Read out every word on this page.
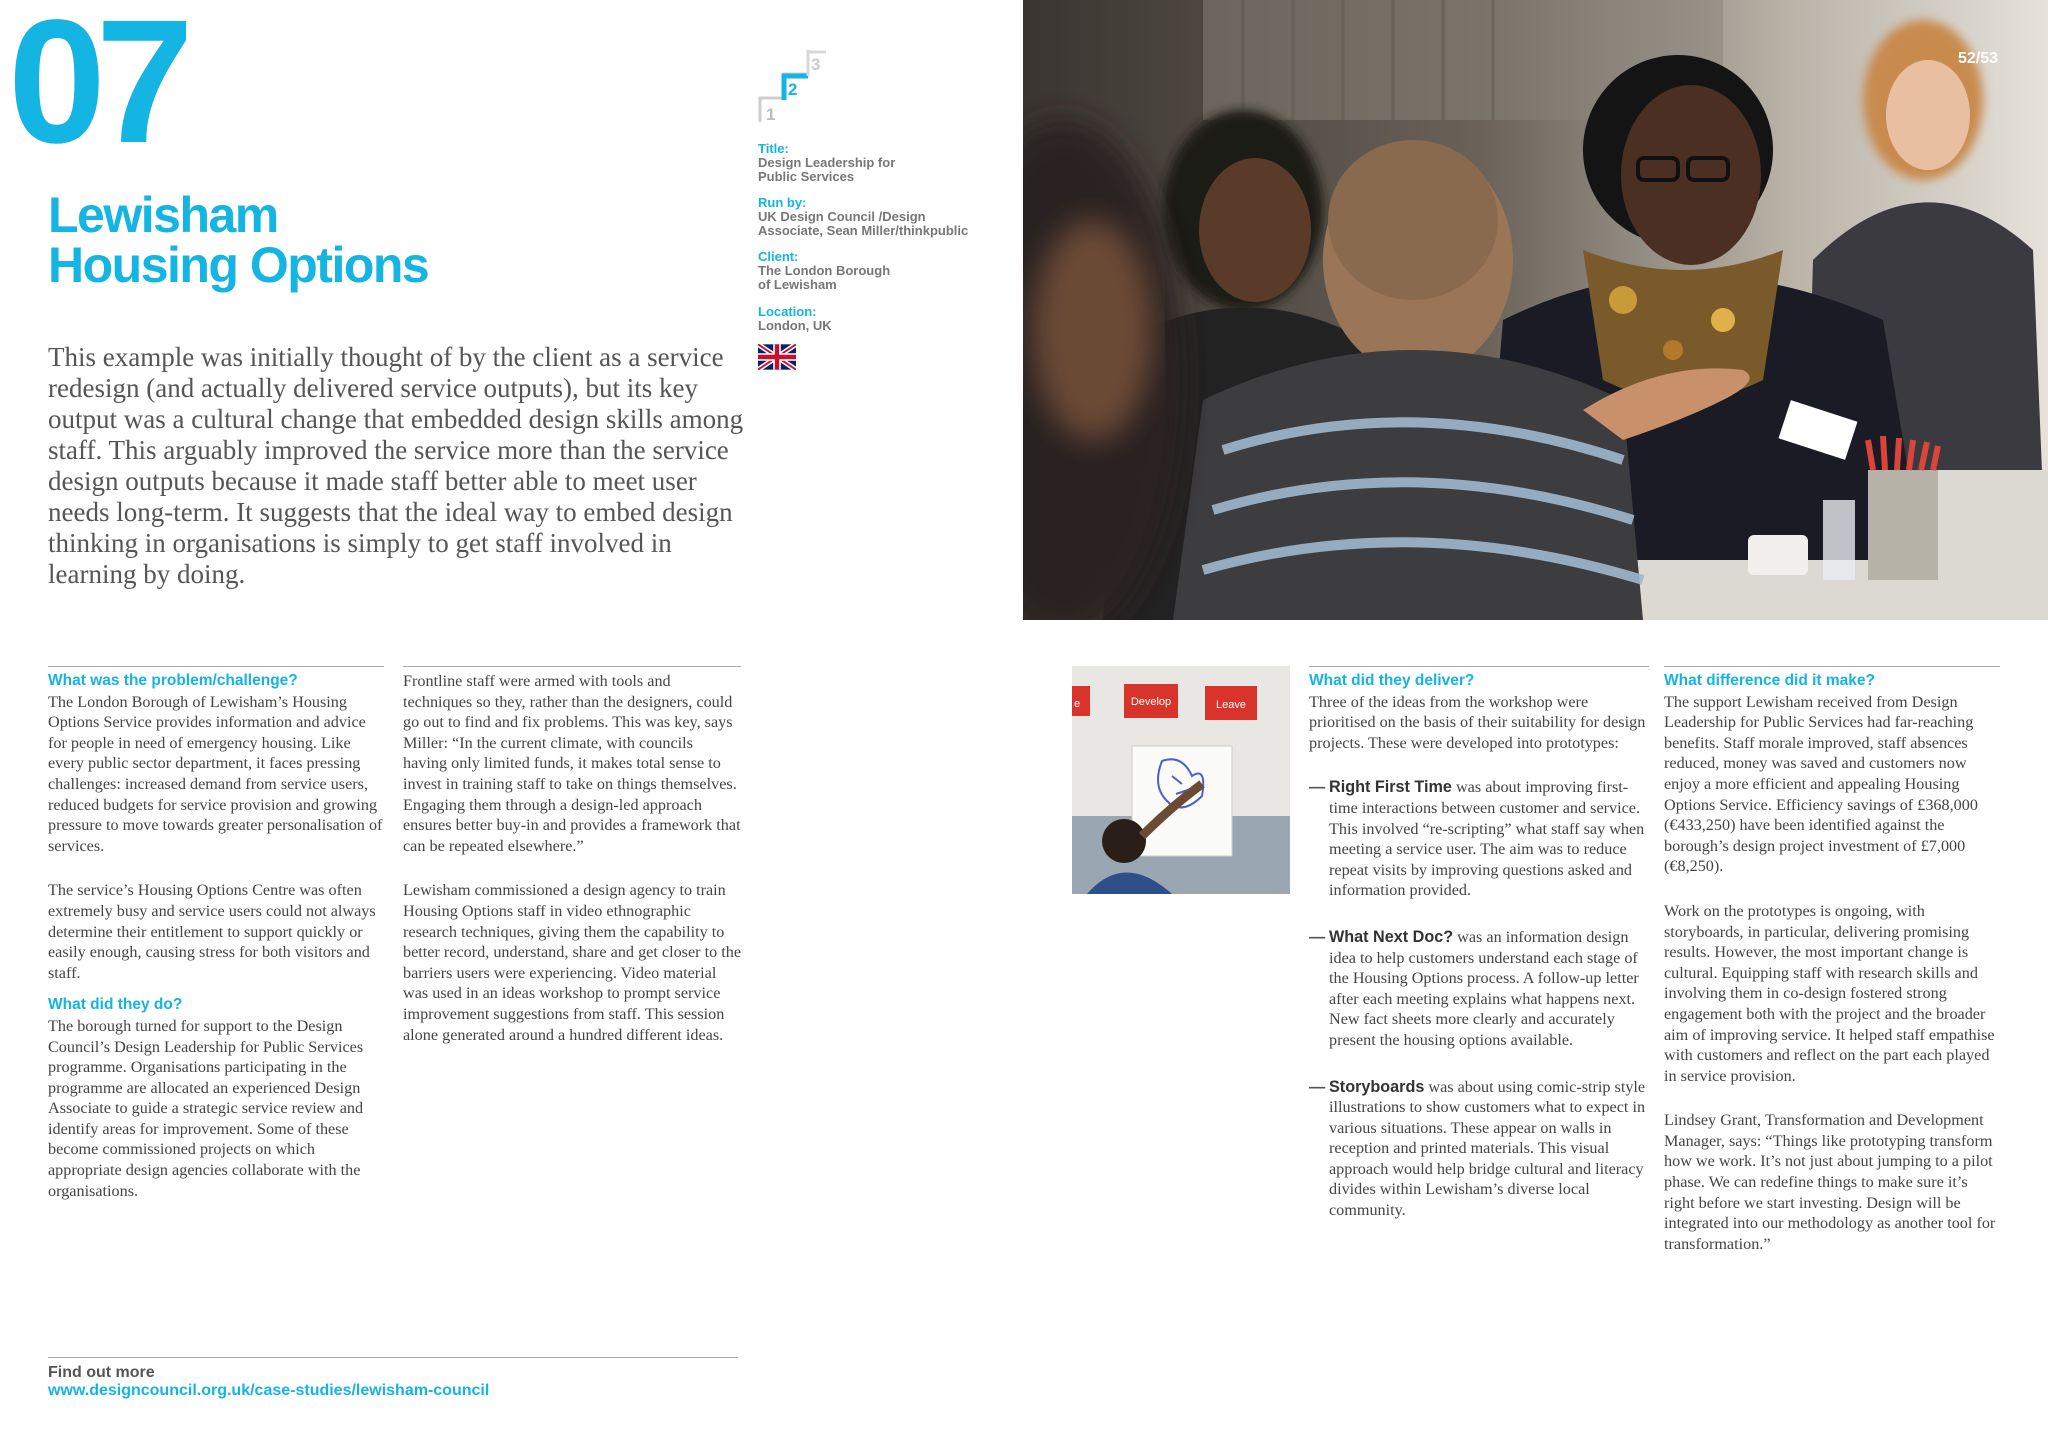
07
Lewisham
Housing Options

This example was initially thought of by the client as a service redesign (and actually delivered service outputs), but its key output was a cultural change that embedded design skills among staff. This arguably improved the service more than the service design outputs because it made staff better able to meet user needs long-term. It suggests that the ideal way to embed design thinking in organisations is simply to get staff involved in learning by doing.

1
2
3
Title:
Design Leadership for Public Services
Run by:
UK Design Council /Design Associate, Sean Miller/thinkpublic
Client:
The London Borough of Lewisham
Location:
London, UK
52/53
What was the problem/challenge?

The London Borough of Lewisham’s Housing Options Service provides information and advice for people in need of emergency housing. Like every public sector department, it faces pressing challenges: increased demand from service users, reduced budgets for service provision and growing pressure to move towards greater personalisation of services.

The service’s Housing Options Centre was often extremely busy and service users could not always determine their entitlement to support quickly or easily enough, causing stress for both visitors and staff.

What did they do?

The borough turned for support to the Design Council’s Design Leadership for Public Services programme. Organisations participating in the programme are allocated an experienced Design Associate to guide a strategic service review and identify areas for improvement. Some of these become commissioned projects on which appropriate design agencies collaborate with the organisations.

Frontline staff were armed with tools and techniques so they, rather than the designers, could go out to find and fix problems. This was key, says Miller: “In the current climate, with councils having only limited funds, it makes total sense to invest in training staff to take on things themselves. Engaging them through a design-led approach ensures better buy-in and provides a framework that can be repeated elsewhere.”

Lewisham commissioned a design agency to train Housing Options staff in video ethnographic research techniques, giving them the capability to better record, understand, share and get closer to the barriers users were experiencing. Video material was used in an ideas workshop to prompt service improvement suggestions from staff. This session alone generated around a hundred different ideas.

e	Develop	Leave
What did they deliver?

Three of the ideas from the workshop were prioritised on the basis of their suitability for design projects. These were developed into prototypes:

— Right First Time was about improving first-time interactions between customer and service. This involved “re-scripting” what staff say when meeting a service user. The aim was to reduce repeat visits by improving questions asked and information provided.

— What Next Doc? was an information design idea to help customers understand each stage of the Housing Options process. A follow-up letter after each meeting explains what happens next. New fact sheets more clearly and accurately present the housing options available.

— Storyboards was about using comic-strip style illustrations to show customers what to expect in various situations. These appear on walls in reception and printed materials. This visual approach would help bridge cultural and literacy divides within Lewisham’s diverse local community.

What difference did it make?

The support Lewisham received from Design Leadership for Public Services had far-reaching benefits. Staff morale improved, staff absences reduced, money was saved and customers now enjoy a more efficient and appealing Housing Options Service. Efficiency savings of £368,000 (€433,250) have been identified against the borough’s design project investment of £7,000 (€8,250).

Work on the prototypes is ongoing, with storyboards, in particular, delivering promising results. However, the most important change is cultural. Equipping staff with research skills and involving them in co-design fostered strong engagement both with the project and the broader aim of improving service. It helped staff empathise with customers and reflect on the part each played in service provision.

Lindsey Grant, Transformation and Development Manager, says: “Things like prototyping transform how we work. It’s not just about jumping to a pilot phase. We can redefine things to make sure it’s right before we start investing. Design will be integrated into our methodology as another tool for transformation.”

Find out more
www.designcouncil.org.uk/case-studies/lewisham-council
